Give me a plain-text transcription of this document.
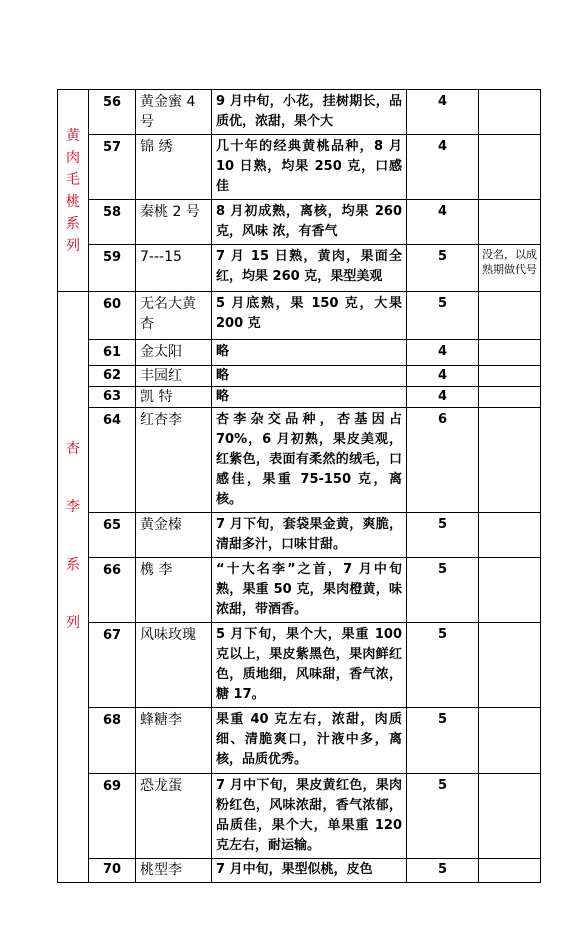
黄肉毛桃系列	56	黄金蜜 4 号	9 月中旬，小花，挂树期长，品质优，浓甜，果个大	4	
	57	锦 绣	几十年的经典黄桃品种，8 月 10 日熟，均果 250 克，口感佳	4	
	58	秦桃 2 号	8 月初成熟，离核，均果 260 克，风味 浓，有香气	4	
	59	7---15	7 月 15 日熟，黄肉，果面全红，均果 260 克，果型美观	5	没名，以成熟期做代号

杏李系列	60	无名大黄杏	5 月底熟，果 150 克，大果 200 克	5	
	61	金太阳	略	4	
	62	丰园红	略	4	
	63	凯 特	略	4	
	64	红杏李	杏李杂交品种，杏基因占 70%，6 月初熟，果皮美观，红紫色，表面有柔然的绒毛，口感佳，果重 75-150 克，离核。	6	
	65	黄金榛	7 月下旬，套袋果金黄，爽脆，清甜多汁，口味甘甜。	5	
	66	槜 李	“十大名李”之首，7 月中旬 熟，果重 50 克，果肉橙黄，味浓甜，带酒香。	5	
	67	风味玫瑰	5 月下旬，果个大，果重 100 克以上，果皮紫黑色，果肉鲜红色，质地细，风味甜，香气浓，糖 17。	5	
	68	蜂糖李	果重 40 克左右，浓甜，肉质细、清脆爽口，汁液中多，离核，品质优秀。	5	
	69	恐龙蛋	7 月中下旬，果皮黄红色，果肉粉红色，风味浓甜，香气浓郁，品质佳，果个大，单果重 120 克左右，耐运输。	5	
	70	桃型李	7 月中旬，果型似桃，皮色	5	
